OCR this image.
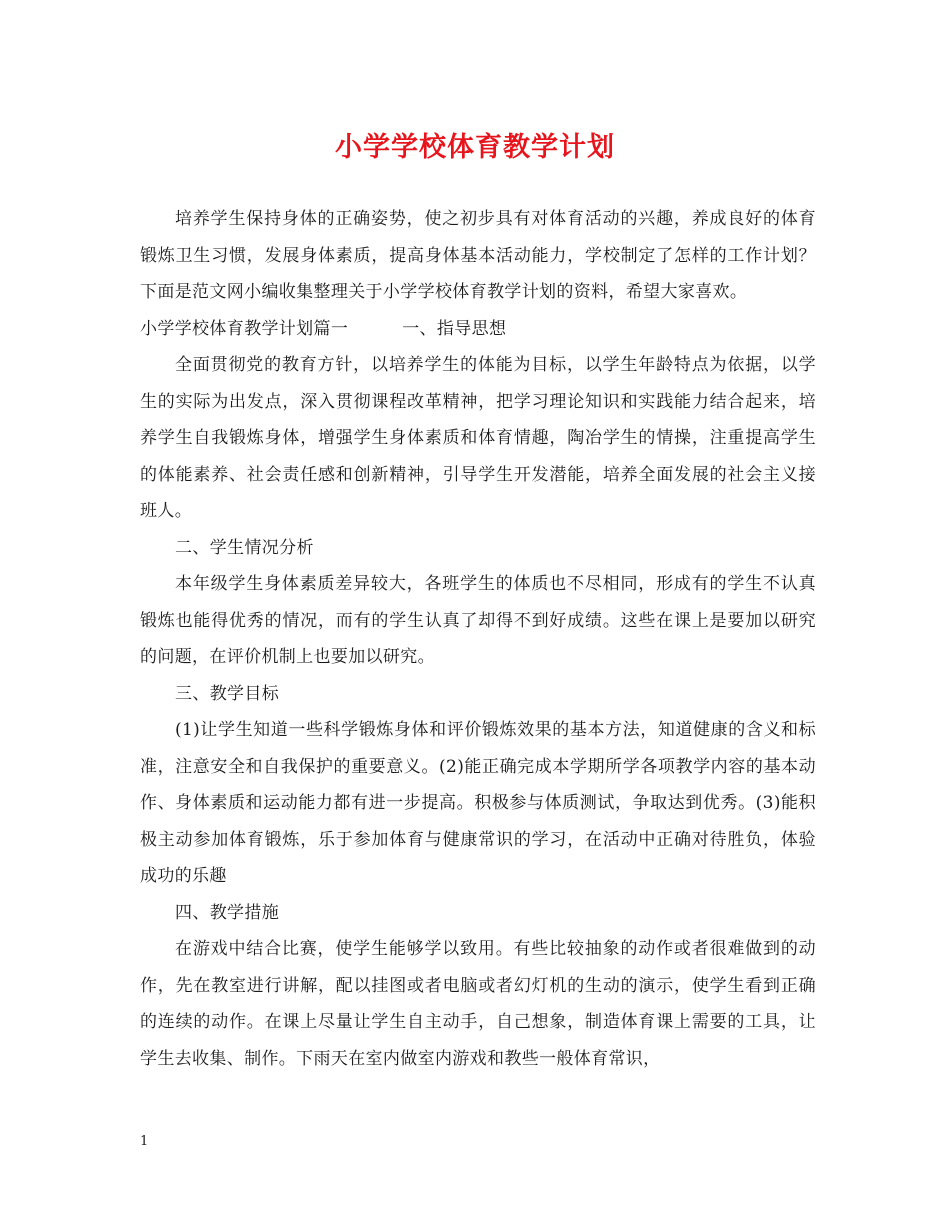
小学学校体育教学计划

培养学生保持身体的正确姿势，使之初步具有对体育活动的兴趣，养成良好的体育锻炼卫生习惯，发展身体素质，提高身体基本活动能力，学校制定了怎样的工作计划？下面是范文网小编收集整理关于小学学校体育教学计划的资料，希望大家喜欢。

小学学校体育教学计划篇一	一、指导思想

全面贯彻党的教育方针，以培养学生的体能为目标，以学生年龄特点为依据，以学生的实际为出发点，深入贯彻课程改革精神，把学习理论知识和实践能力结合起来，培养学生自我锻炼身体，增强学生身体素质和体育情趣，陶冶学生的情操，注重提高学生的体能素养、社会责任感和创新精神，引导学生开发潜能，培养全面发展的社会主义接班人。

二、学生情况分析

本年级学生身体素质差异较大，各班学生的体质也不尽相同，形成有的学生不认真锻炼也能得优秀的情况，而有的学生认真了却得不到好成绩。这些在课上是要加以研究的问题，在评价机制上也要加以研究。

三、教学目标

(1)让学生知道一些科学锻炼身体和评价锻炼效果的基本方法，知道健康的含义和标准，注意安全和自我保护的重要意义。(2)能正确完成本学期所学各项教学内容的基本动作、身体素质和运动能力都有进一步提高。积极参与体质测试，争取达到优秀。(3)能积极主动参加体育锻炼，乐于参加体育与健康常识的学习，在活动中正确对待胜负，体验成功的乐趣

四、教学措施

在游戏中结合比赛，使学生能够学以致用。有些比较抽象的动作或者很难做到的动作，先在教室进行讲解，配以挂图或者电脑或者幻灯机的生动的演示，使学生看到正确的连续的动作。在课上尽量让学生自主动手，自己想象，制造体育课上需要的工具，让学生去收集、制作。下雨天在室内做室内游戏和教些一般体育常识，

1
